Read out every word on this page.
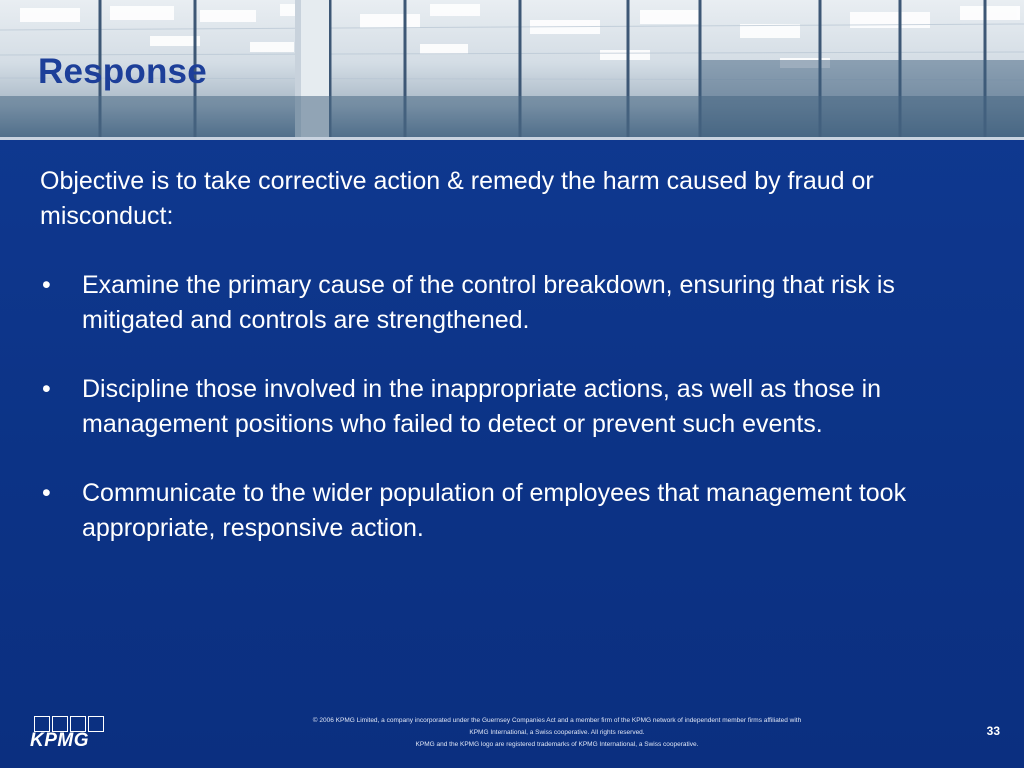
Response

Objective is to take corrective action & remedy the harm caused by fraud or misconduct:

• Examine the primary cause of the control breakdown, ensuring that risk is mitigated and controls are strengthened.
• Discipline those involved in the inappropriate actions, as well as those in management positions who failed to detect or prevent such events.
• Communicate to the wider population of employees that management took appropriate, responsive action.
KPMG

© 2006 KPMG Limited, a company incorporated under the Guernsey Companies Act and a member firm of the KPMG network of independent member firms affiliated with

KPMG International, a Swiss cooperative. All rights reserved.

KPMG and the KPMG logo are registered trademarks of KPMG International, a Swiss cooperative.

33
